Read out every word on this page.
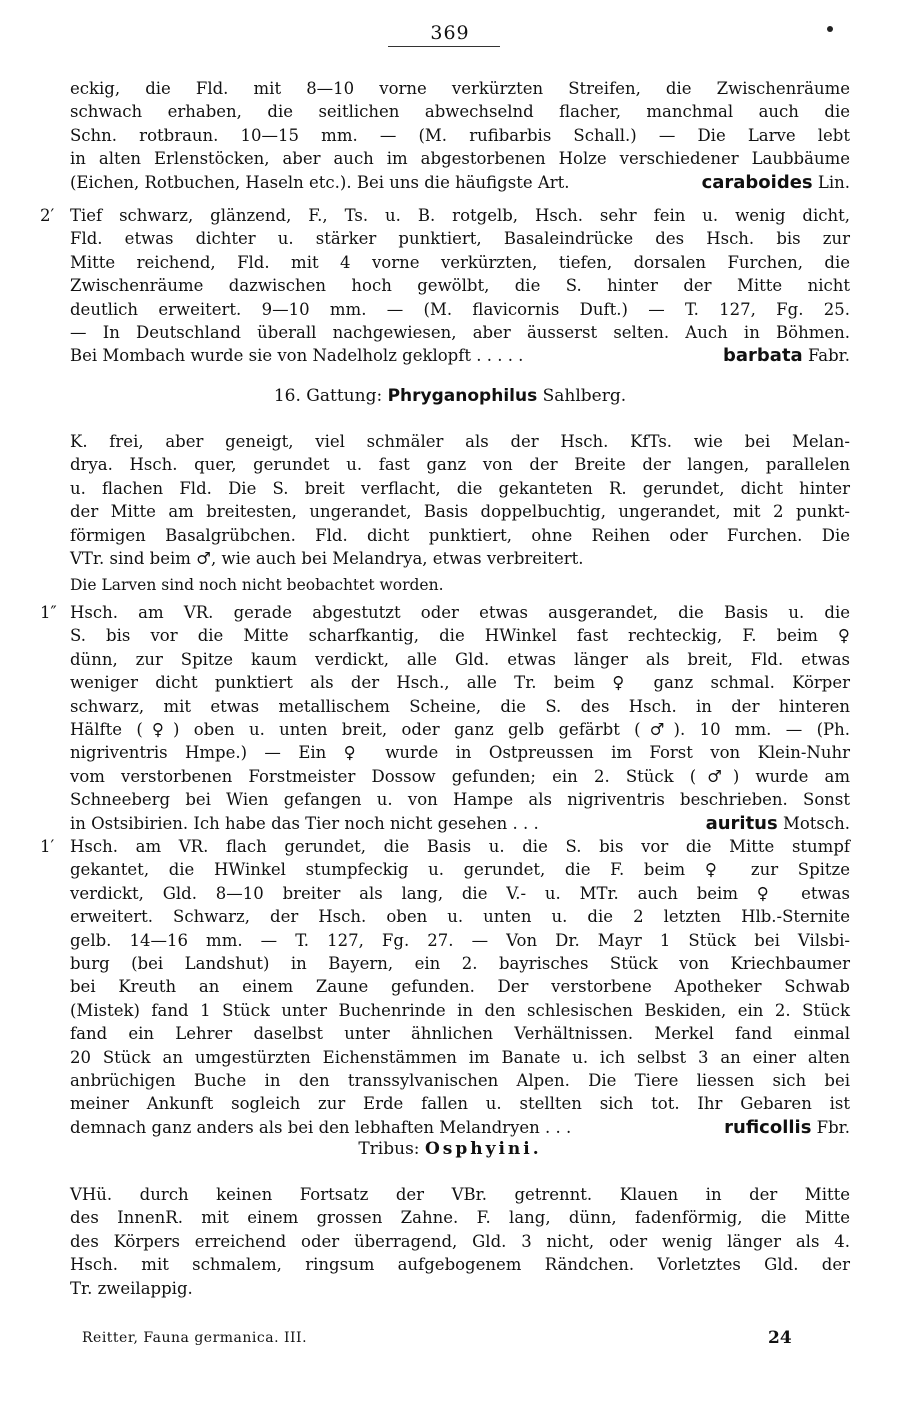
369
eckig, die Fld. mit 8—10 vorne verkürzten Streifen, die Zwischenräume
schwach erhaben, die seitlichen abwechselnd flacher, manchmal auch die
Schn. rotbraun. 10—15 mm. — (M. rufibarbis Schall.) — Die Larve lebt
in alten Erlenstöcken, aber auch im abgestorbenen Holze verschiedener Laubbäume
(Eichen, Rotbuchen, Haseln etc.). Bei uns die häufigste Art.	caraboides Lin.
2′ Tief schwarz, glänzend, F., Ts. u. B. rotgelb, Hsch. sehr fein u. wenig dicht,
Fld. etwas dichter u. stärker punktiert, Basaleindrücke des Hsch. bis zur
Mitte reichend, Fld. mit 4 vorne verkürzten, tiefen, dorsalen Furchen, die
Zwischenräume dazwischen hoch gewölbt, die S. hinter der Mitte nicht
deutlich erweitert. 9—10 mm. — (M. flavicornis Duft.) — T. 127, Fg. 25.
— In Deutschland überall nachgewiesen, aber äusserst selten. Auch in Böhmen.
Bei Mombach wurde sie von Nadelholz geklopft . . . . .	barbata Fabr.
K. frei, aber geneigt, viel schmäler als der Hsch. KfTs. wie bei Melan-
drya. Hsch. quer, gerundet u. fast ganz von der Breite der langen, parallelen
u. flachen Fld. Die S. breit verflacht, die gekanteten R. gerundet, dicht hinter
der Mitte am breitesten, ungerandet, Basis doppelbuchtig, ungerandet, mit 2 punkt-
förmigen Basalgrübchen. Fld. dicht punktiert, ohne Reihen oder Furchen. Die
VTr. sind beim ♂, wie auch bei Melandrya, etwas verbreitert.
Die Larven sind noch nicht beobachtet worden.
1″ Hsch. am VR. gerade abgestutzt oder etwas ausgerandet, die Basis u. die
S. bis vor die Mitte scharfkantig, die HWinkel fast rechteckig, F. beim ♀
dünn, zur Spitze kaum verdickt, alle Gld. etwas länger als breit, Fld. etwas
weniger dicht punktiert als der Hsch., alle Tr. beim ♀ ganz schmal. Körper
schwarz, mit etwas metallischem Scheine, die S. des Hsch. in der hinteren
Hälfte (♀) oben u. unten breit, oder ganz gelb gefärbt (♂). 10 mm. — (Ph.
nigriventris Hmpe.) — Ein ♀ wurde in Ostpreussen im Forst von Klein-Nuhr
vom verstorbenen Forstmeister Dossow gefunden; ein 2. Stück (♂) wurde am
Schneeberg bei Wien gefangen u. von Hampe als nigriventris beschrieben. Sonst
in Ostsibirien. Ich habe das Tier noch nicht gesehen . . .	auritus Motsch.
1′ Hsch. am VR. flach gerundet, die Basis u. die S. bis vor die Mitte stumpf
gekantet, die HWinkel stumpfeckig u. gerundet, die F. beim ♀ zur Spitze
verdickt, Gld. 8—10 breiter als lang, die V.- u. MTr. auch beim ♀ etwas
erweitert. Schwarz, der Hsch. oben u. unten u. die 2 letzten Hlb.-Sternite
gelb. 14—16 mm. — T. 127, Fg. 27. — Von Dr. Mayr 1 Stück bei Vilsbi-
burg (bei Landshut) in Bayern, ein 2. bayrisches Stück von Kriechbaumer
bei Kreuth an einem Zaune gefunden. Der verstorbene Apotheker Schwab
(Mistek) fand 1 Stück unter Buchenrinde in den schlesischen Beskiden, ein 2. Stück
fand ein Lehrer daselbst unter ähnlichen Verhältnissen. Merkel fand einmal
20 Stück an umgestürzten Eichenstämmen im Banate u. ich selbst 3 an einer alten
anbrüchigen Buche in den transsylvanischen Alpen. Die Tiere liessen sich bei
meiner Ankunft sogleich zur Erde fallen u. stellten sich tot. Ihr Gebaren ist
demnach ganz anders als bei den lebhaften Melandryen . . .	ruficollis Fbr.
VHü. durch keinen Fortsatz der VBr. getrennt. Klauen in der Mitte
des InnenR. mit einem grossen Zahne. F. lang, dünn, fadenförmig, die Mitte
des Körpers erreichend oder überragend, Gld. 3 nicht, oder wenig länger als 4.
Hsch. mit schmalem, ringsum aufgebogenem Rändchen. Vorletztes Gld. der
Tr. zweilappig.
16. Gattung: Phryganophilus Sahlberg.
Tribus: Osphyini.
Reitter, Fauna germanica. III.	24
